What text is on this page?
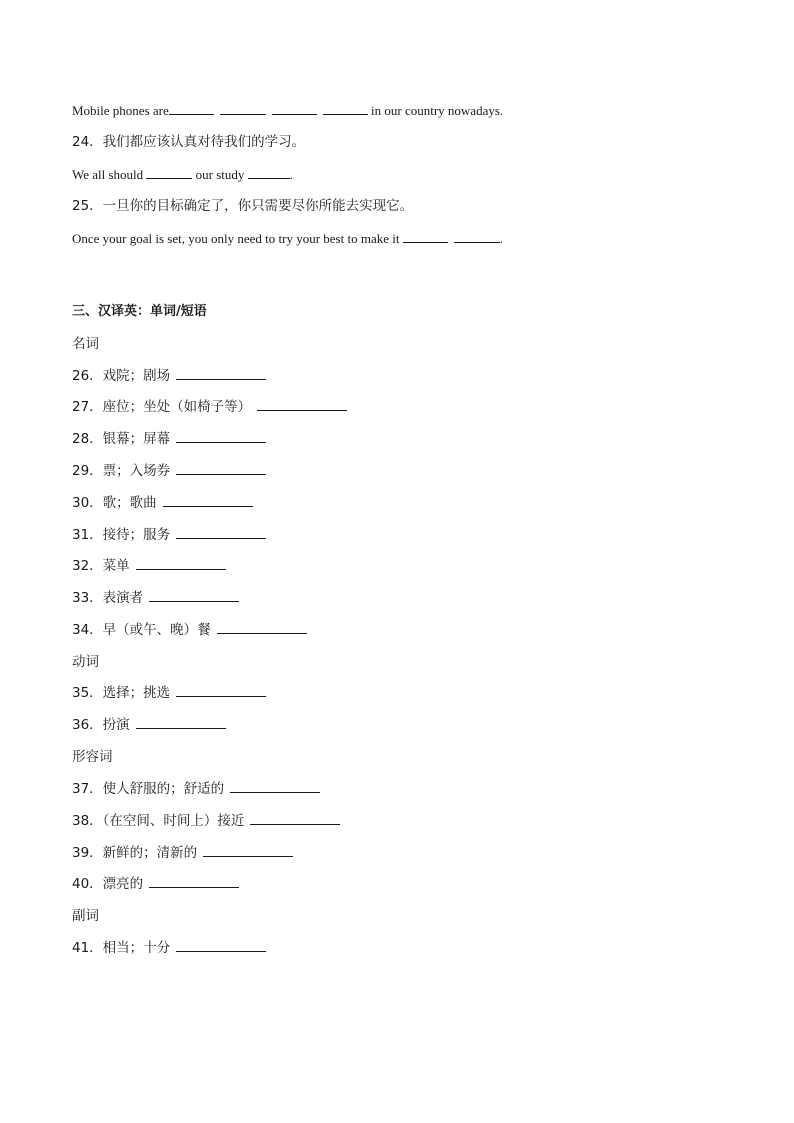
Mobile phones are	in our country nowadays.
24．我们都应该认真对待我们的学习。
We all should	our study	.
25．一旦你的目标确定了，你只需要尽你所能去实现它。
Once your goal is set, you only need to try your best to make it	.
三、汉译英：单词/短语
名词
26．戏院；剧场
27．座位；坐处（如椅子等）
28．银幕；屏幕
29．票；入场券
30．歌；歌曲
31．接待；服务
32．菜单
33．表演者
34．早（或午、晚）餐
动词
35．选择；挑选
36．扮演
形容词
37．使人舒服的；舒适的
38．（在空间、时间上）接近
39．新鲜的；清新的
40．漂亮的
副词
41．相当；十分
